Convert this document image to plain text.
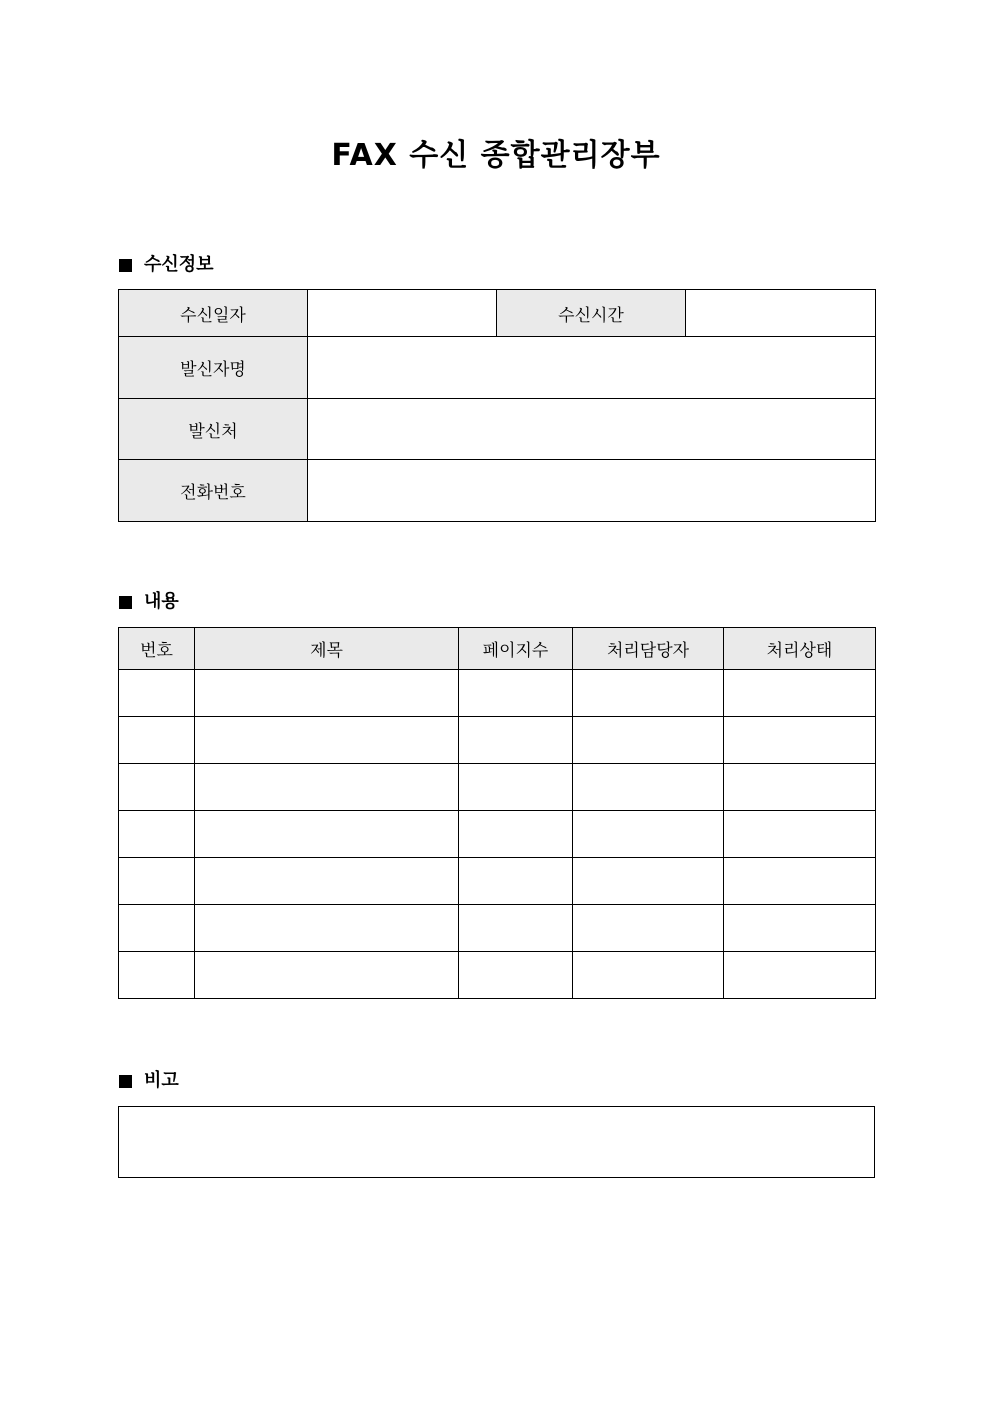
FAX 수신 종합관리장부
수신정보
수신일자		수신시간	
발신자명			
발신처			
전화번호			
내용
번호	제목	페이지수	처리담당자	처리상태

비고
